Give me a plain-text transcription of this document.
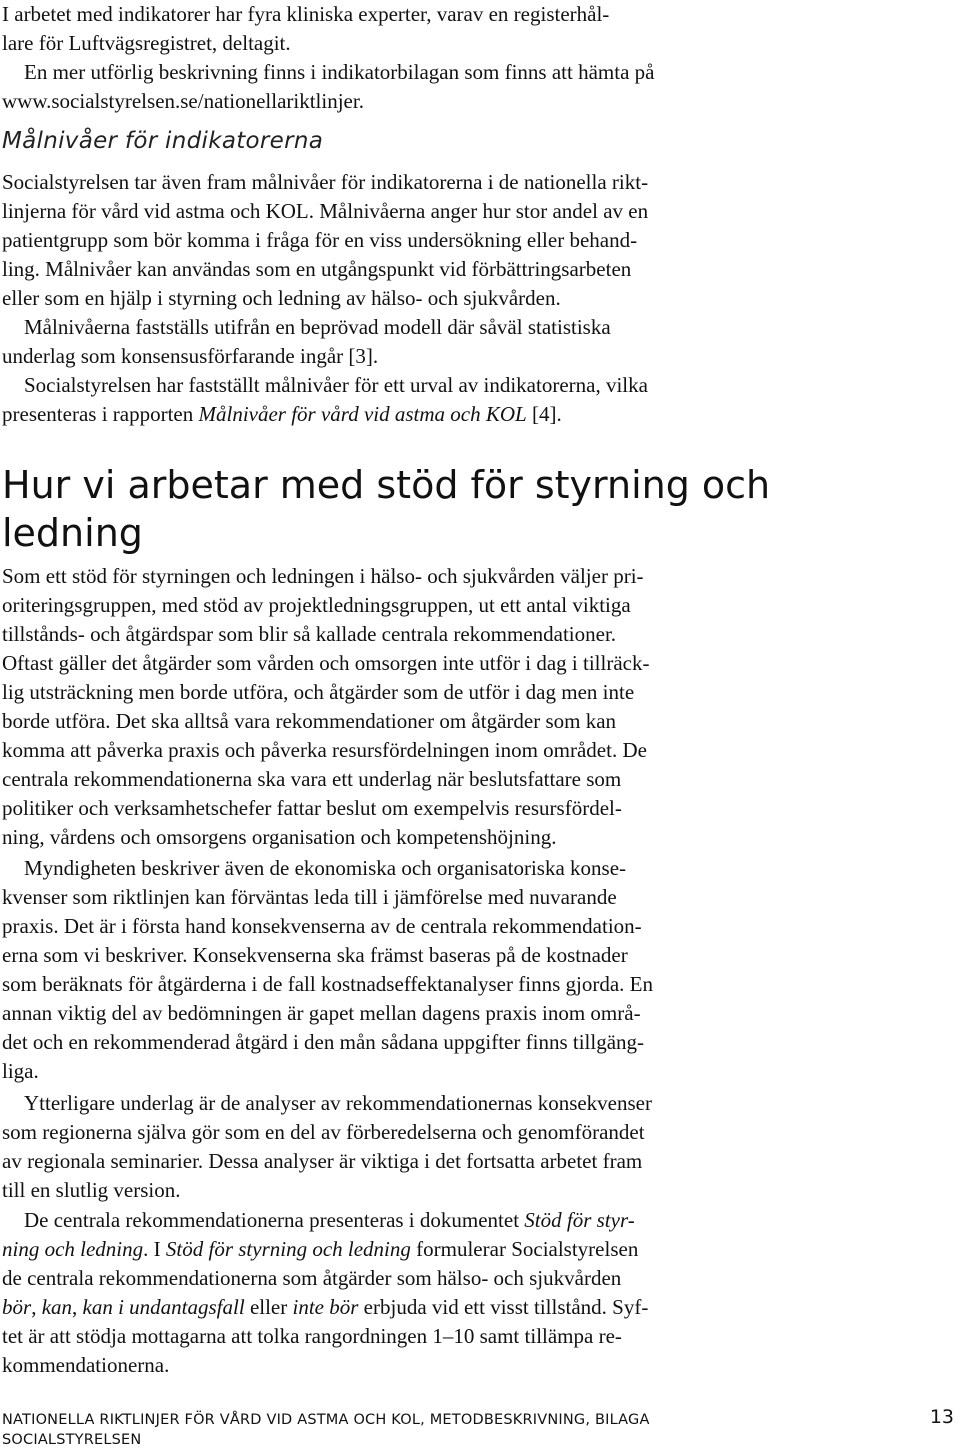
I arbetet med indikatorer har fyra kliniska experter, varav en registerhål-
lare för Luftvägsregistret, deltagit.
En mer utförlig beskrivning finns i indikatorbilagan som finns att hämta på
www.socialstyrelsen.se/nationellariktlinjer.
Målnivåer för indikatorerna
Socialstyrelsen tar även fram målnivåer för indikatorerna i de nationella rikt-
linjerna för vård vid astma och KOL. Målnivåerna anger hur stor andel av en
patientgrupp som bör komma i fråga för en viss undersökning eller behand-
ling. Målnivåer kan användas som en utgångspunkt vid förbättringsarbeten
eller som en hjälp i styrning och ledning av hälso- och sjukvården.
Målnivåerna fastställs utifrån en beprövad modell där såväl statistiska
underlag som konsensusförfarande ingår [3].
Socialstyrelsen har fastställt målnivåer för ett urval av indikatorerna, vilka
presenteras i rapporten Målnivåer för vård vid astma och KOL [4].
Hur vi arbetar med stöd för styrning och
ledning
Som ett stöd för styrningen och ledningen i hälso- och sjukvården väljer pri-
oriteringsgruppen, med stöd av projektledningsgruppen, ut ett antal viktiga
tillstånds- och åtgärdspar som blir så kallade centrala rekommendationer.
Oftast gäller det åtgärder som vården och omsorgen inte utför i dag i tillräck-
lig utsträckning men borde utföra, och åtgärder som de utför i dag men inte
borde utföra. Det ska alltså vara rekommendationer om åtgärder som kan
komma att påverka praxis och påverka resursfördelningen inom området. De
centrala rekommendationerna ska vara ett underlag när beslutsfattare som
politiker och verksamhetschefer fattar beslut om exempelvis resursfördel-
ning, vårdens och omsorgens organisation och kompetenshöjning.
Myndigheten beskriver även de ekonomiska och organisatoriska konse-
kvenser som riktlinjen kan förväntas leda till i jämförelse med nuvarande
praxis. Det är i första hand konsekvenserna av de centrala rekommendation-
erna som vi beskriver. Konsekvenserna ska främst baseras på de kostnader
som beräknats för åtgärderna i de fall kostnadseffektanalyser finns gjorda. En
annan viktig del av bedömningen är gapet mellan dagens praxis inom områ-
det och en rekommenderad åtgärd i den mån sådana uppgifter finns tillgäng-
liga.
Ytterligare underlag är de analyser av rekommendationernas konsekvenser
som regionerna själva gör som en del av förberedelserna och genomförandet
av regionala seminarier. Dessa analyser är viktiga i det fortsatta arbetet fram
till en slutlig version.
De centrala rekommendationerna presenteras i dokumentet Stöd för styr-
ning och ledning. I Stöd för styrning och ledning formulerar Socialstyrelsen
de centrala rekommendationerna som åtgärder som hälso- och sjukvården
bör, kan, kan i undantagsfall eller inte bör erbjuda vid ett visst tillstånd. Syf-
tet är att stödja mottagarna att tolka rangordningen 1–10 samt tillämpa re-
kommendationerna.
NATIONELLA RIKTLINJER FÖR VÅRD VID ASTMA OCH KOL, METODBESKRIVNING, BILAGA
SOCIALSTYRELSEN
13
